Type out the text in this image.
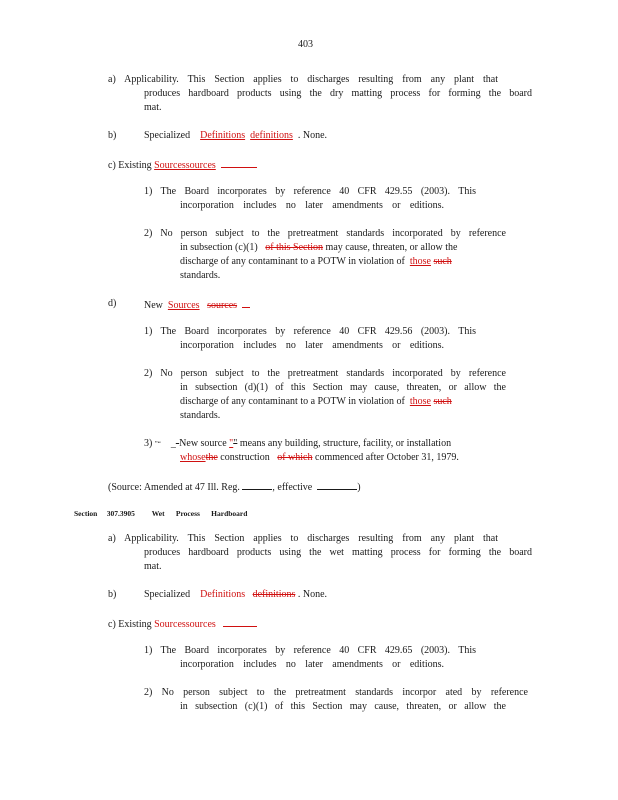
403
a) Applicability. This Section applies to discharges resulting from any plant that
produces hardboard products using the dry matting process for forming the board
mat.
b)	Specialized Definitions definitions . None.
c) Existing Sourcessources
1) The Board incorporates by reference 40 CFR 429.55 (2003). This
incorporation includes no later amendments or editions.
2) No person subject to the pretreatment standards incorporated by reference
in subsection (c)(1) of this Section may cause, threaten, or allow the
discharge of any contaminant to a POTW in violation of those such
standards.
d)	New Sources sources
1) The Board incorporates by reference 40 CFR 429.56 (2003). This
incorporation includes no later amendments or editions.
2) No person subject to the pretreatment standards incorporated by reference
in subsection (d)(1) of this Section may cause, threaten, or allow the
discharge of any contaminant to a POTW in violation of those such
standards.
3) "“    _-New source "" means any building, structure, facility, or installation
whosethe construction of which commenced after October 31, 1979.
(Source: Amended at 47 Ill. Reg.	, effective	)
Section 307.3905 Wet Process Hardboard
a) Applicability. This Section applies to discharges resulting from any plant that
produces hardboard products using the wet matting process for forming the board
mat.
b)	Specialized Definitions definitions . None.
c) Existing Sourcessources
1) The Board incorporates by reference 40 CFR 429.65 (2003). This
incorporation includes no later amendments or editions.
2) No person subject to the pretreatment standards incorpor ated by reference
in subsection (c)(1) of this Section may cause, threaten, or allow the
